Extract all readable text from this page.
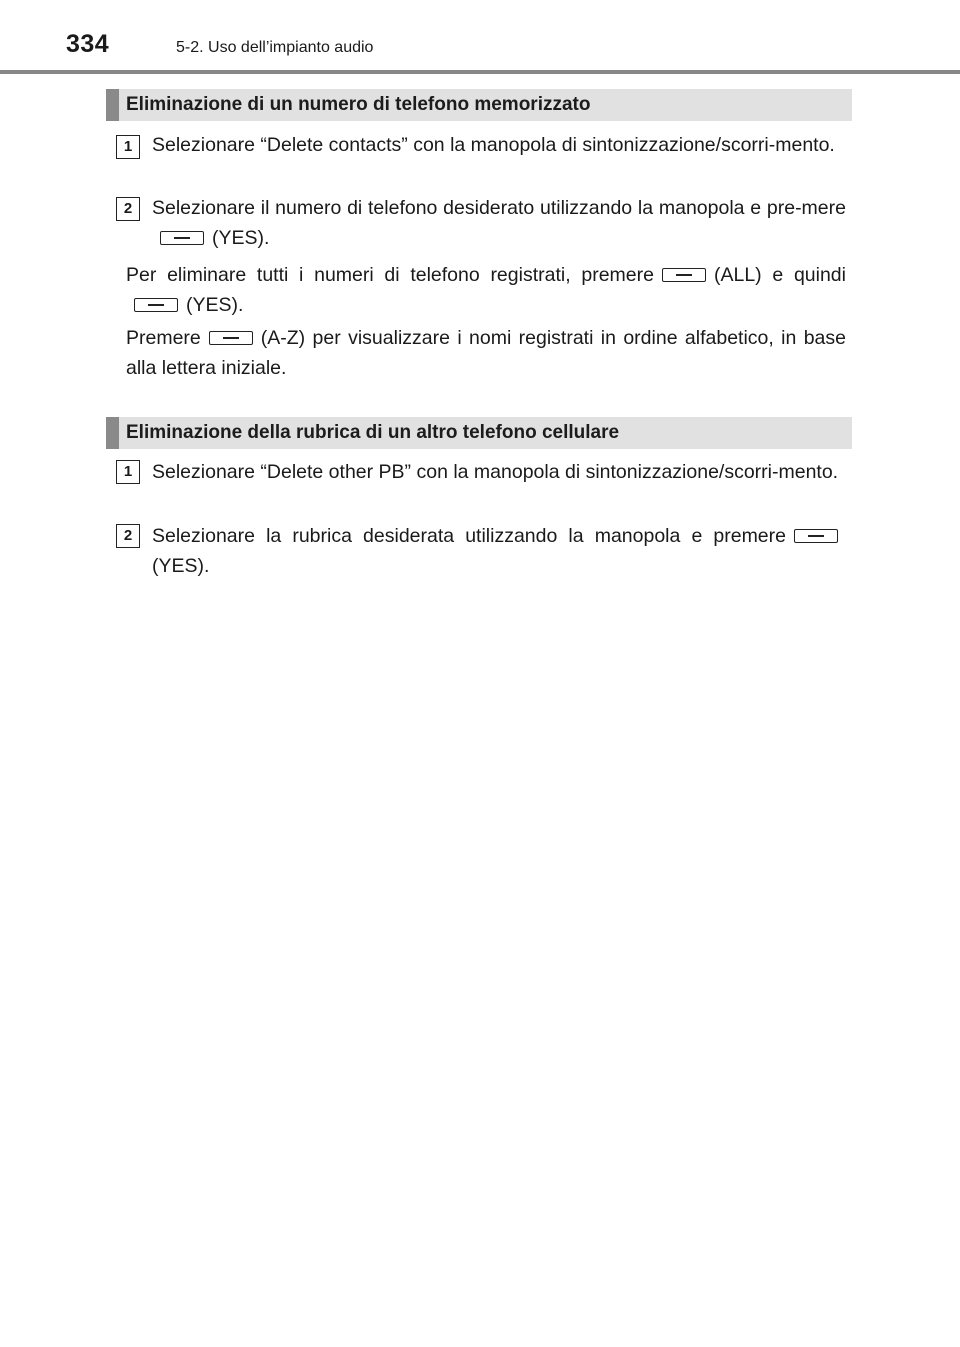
334	5-2. Uso dell’impianto audio
Eliminazione di un numero di telefono memorizzato
1	Selezionare “Delete contacts” con la manopola di sintonizzazione/scorri-mento.
2	Selezionare il numero di telefono desiderato utilizzando la manopola e pre-mere(YES).
Per eliminare tutti i numeri di telefono registrati, premere	(ALL) e quindi(YES).
Premere	(A-Z) per visualizzare i nomi registrati in ordine alfabetico, in base alla lettera iniziale.
Eliminazione della rubrica di un altro telefono cellulare
1	Selezionare “Delete other PB” con la manopola di sintonizzazione/scorri-mento.
2	Selezionare la rubrica desiderata utilizzando la manopola e premere(YES).
